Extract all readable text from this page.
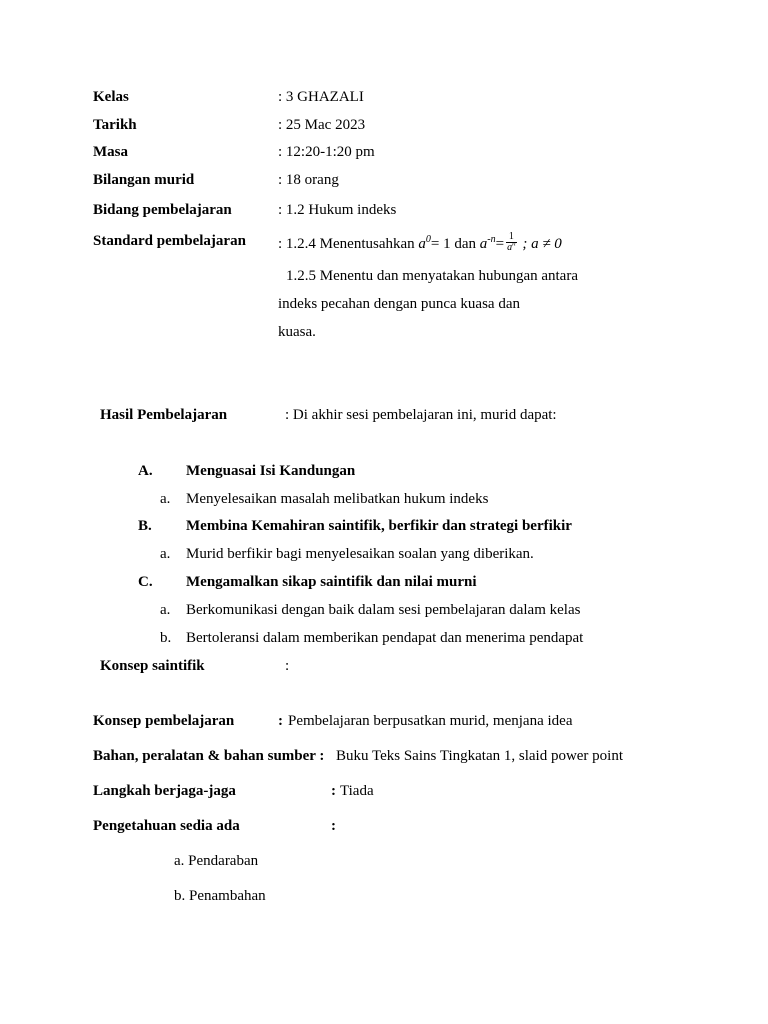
Kelas	: 3 GHAZALI
Tarikh	: 25 Mac 2023
Masa	: 12:20-1:20 pm
Bilangan murid	: 18 orang
Bidang pembelajaran	: 1.2 Hukum indeks
Standard pembelajaran : 1.2.4 Menentusahkan $a^0= 1$ dan $a^{-n}= \frac{1}{a^n}$ ; a ≠ 0
1.2.5 Menentu dan menyatakan hubungan antara
indeks pecahan dengan punca kuasa dan
kuasa.
Hasil Pembelajaran	: Di akhir sesi pembelajaran ini, murid dapat:
A. Menguasai Isi Kandungan
a. Menyelesaikan masalah melibatkan hukum indeks
B. Membina Kemahiran saintifik, berfikir dan strategi berfikir
a. Murid berfikir bagi menyelesaikan soalan yang diberikan.
C. Mengamalkan sikap saintifik dan nilai murni
a. Berkomunikasi dengan baik dalam sesi pembelajaran dalam kelas
b. Bertoleransi dalam memberikan pendapat dan menerima pendapat
Konsep saintifik	:
Konsep pembelajaran	: Pembelajaran berpusatkan murid, menjana idea
Bahan, peralatan & bahan sumber : Buku Teks Sains Tingkatan 1, slaid power point
Langkah berjaga-jaga	: Tiada
Pengetahuan sedia ada	:
a. Pendaraban
b. Penambahan
